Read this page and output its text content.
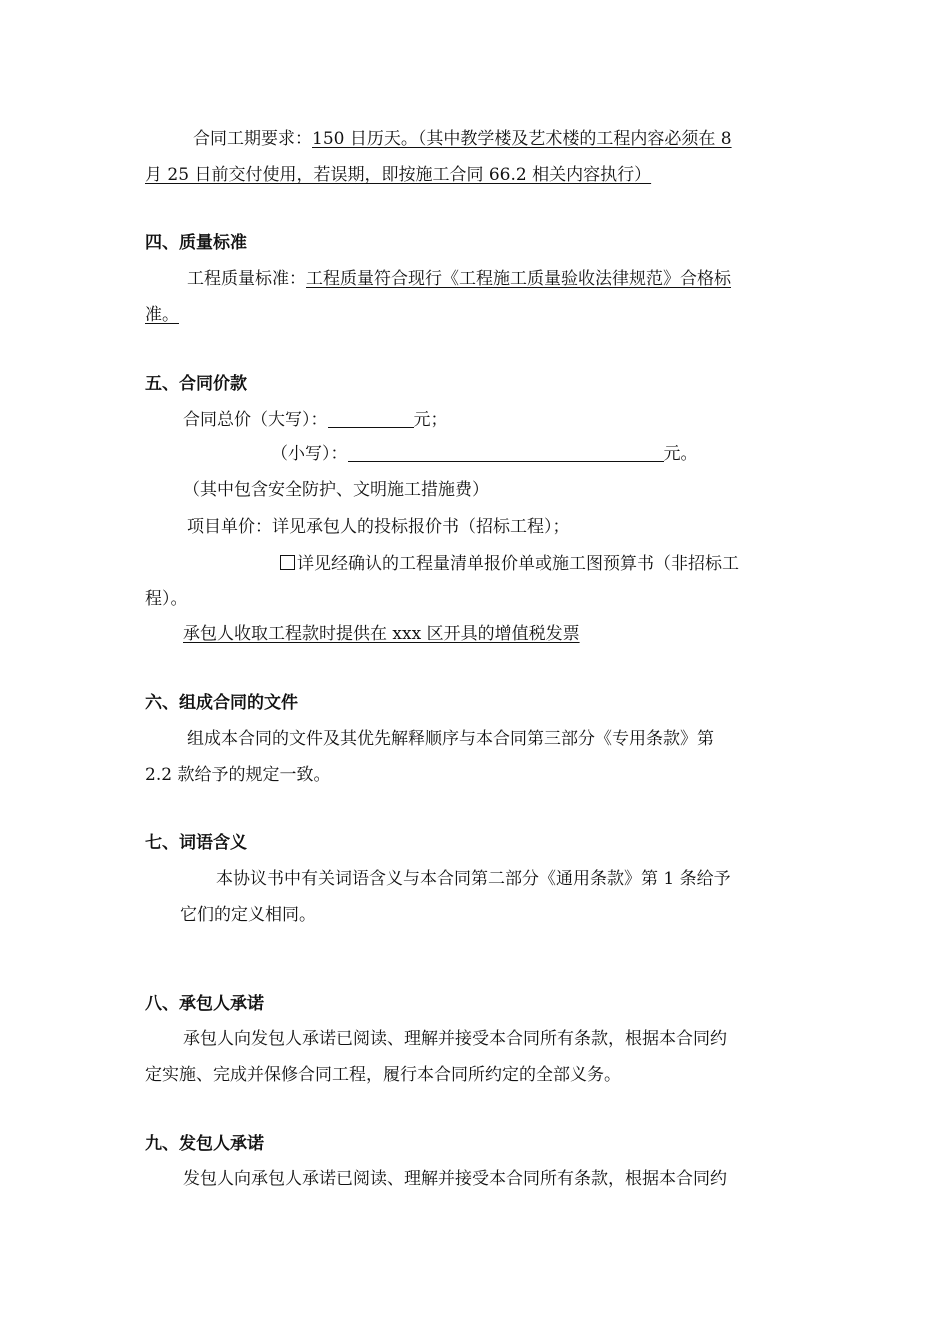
合同工期要求：150 日历天。（其中教学楼及艺术楼的工程内容必须在 8
月 25 日前交付使用，若误期，即按施工合同 66.2 相关内容执行）
四、质量标准
工程质量标准：工程质量符合现行《工程施工质量验收法律规范》合格标
准。
五、合同价款
合同总价（大写）：	元；
（小写）：	元。
（其中包含安全防护、文明施工措施费）
项目单价：详见承包人的投标报价书（招标工程）；
详见经确认的工程量清单报价单或施工图预算书（非招标工
程）。
承包人收取工程款时提供在 xxx 区开具的增值税发票
六、组成合同的文件
组成本合同的文件及其优先解释顺序与本合同第三部分《专用条款》第
2.2 款给予的规定一致。
七、词语含义
本协议书中有关词语含义与本合同第二部分《通用条款》第 1 条给予
它们的定义相同。
八、承包人承诺
承包人向发包人承诺已阅读、理解并接受本合同所有条款，根据本合同约
定实施、完成并保修合同工程，履行本合同所约定的全部义务。
九、发包人承诺
发包人向承包人承诺已阅读、理解并接受本合同所有条款，根据本合同约
